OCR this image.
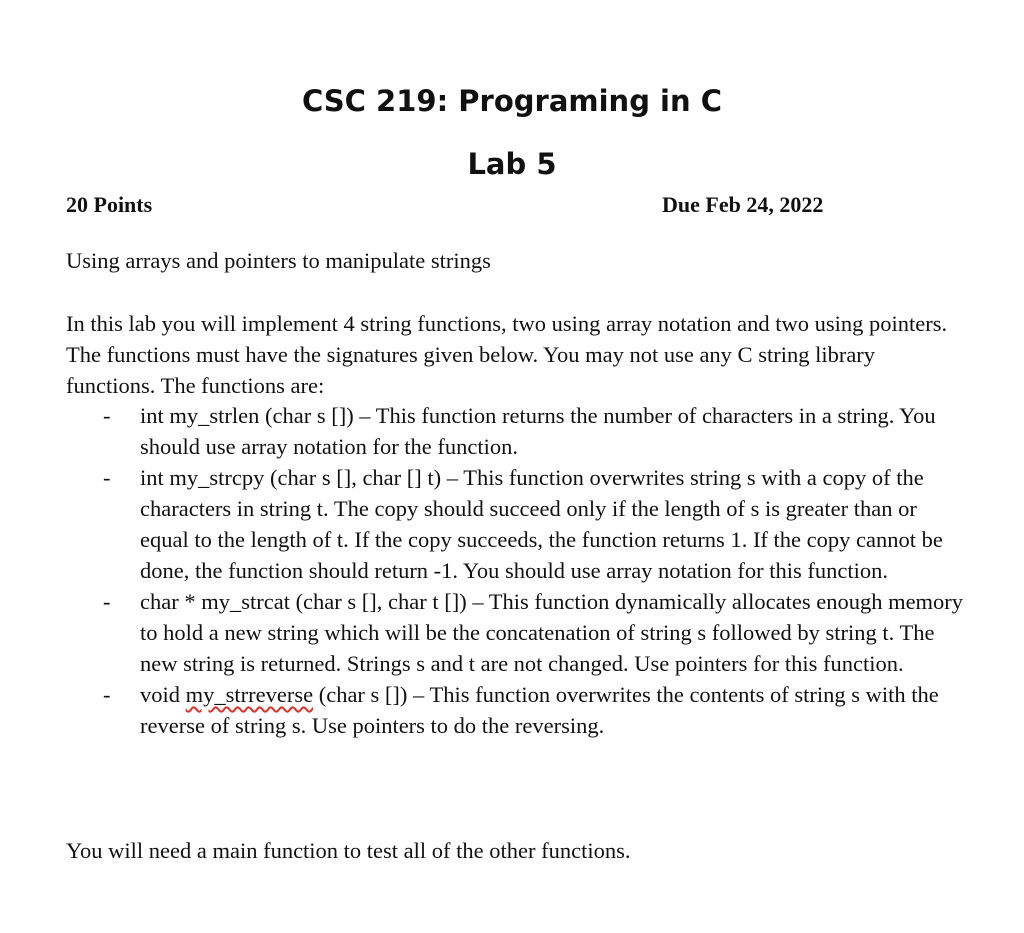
CSC 219: Programing in C
Lab 5
20 Points	Due Feb 24, 2022
Using arrays and pointers to manipulate strings
In this lab you will implement 4 string functions, two using array notation and two using pointers. The functions must have the signatures given below. You may not use any C string library functions. The functions are:
- int my_strlen (char s []) – This function returns the number of characters in a string. You should use array notation for the function.
- int my_strcpy (char s [], char [] t) – This function overwrites string s with a copy of the characters in string t. The copy should succeed only if the length of s is greater than or equal to the length of t. If the copy succeeds, the function returns 1. If the copy cannot be done, the function should return -1. You should use array notation for this function.
- char * my_strcat (char s [], char t []) – This function dynamically allocates enough memory to hold a new string which will be the concatenation of string s followed by string t. The new string is returned. Strings s and t are not changed. Use pointers for this function.
- void my_strreverse (char s []) – This function overwrites the contents of string s with the reverse of string s. Use pointers to do the reversing.
You will need a main function to test all of the other functions.
